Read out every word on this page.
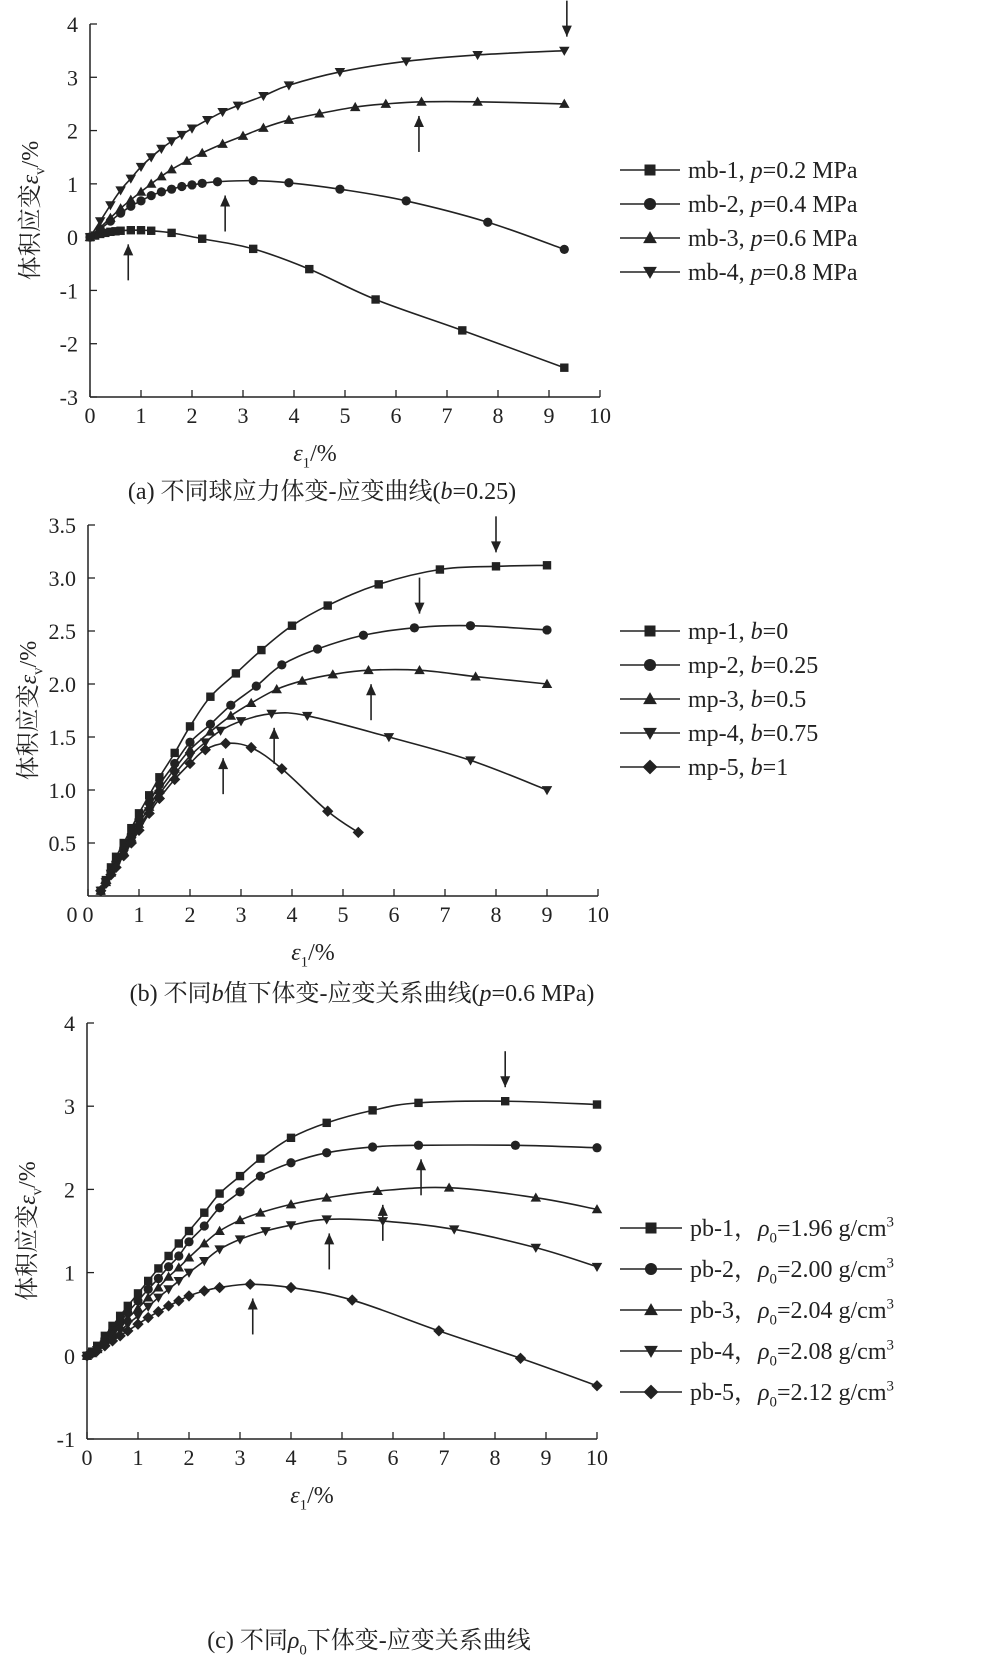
0 1 2 3 4 5 6 7 8 9 10
-3
-2
-1
0
1
2
3
4
$\varepsilon_1/\%$
体积应变$\varepsilon_v/\%$
(a) 不同球应力体变-应变曲线(b=0.25)
mb-1, p=0.2 MPa
mb-2, p=0.4 MPa
mb-3, p=0.6 MPa
mb-4, p=0.8 MPa
0 1 2 3 4 5 6 7 8 9 10
0.5
1.0
1.5
2.0
2.5
3.0
3.5
0
$\varepsilon_1/\%$
体积应变$\varepsilon_v/\%$
(b) 不同b值下体变-应变关系曲线(p=0.6 MPa)
mp-1, b=0
mp-2, b=0.25
mp-3, b=0.5
mp-4, b=0.75
mp-5, b=1
0 1 2 3 4 5 6 7 8 9 10
-1
0
1
2
3
4
$\varepsilon_1/\%$
体积应变$\varepsilon_v/\%$
(c) 不同$\rho_0$下体变-应变关系曲线
pb-1，$\rho_0=1.96$ $g/cm^3$
pb-2，$\rho_0=2.00$ $g/cm^3$
pb-3，$\rho_0=2.04$ $g/cm^3$
pb-4，$\rho_0=2.08$ $g/cm^3$
pb-5，$\rho_0=2.12$ $g/cm^3$
